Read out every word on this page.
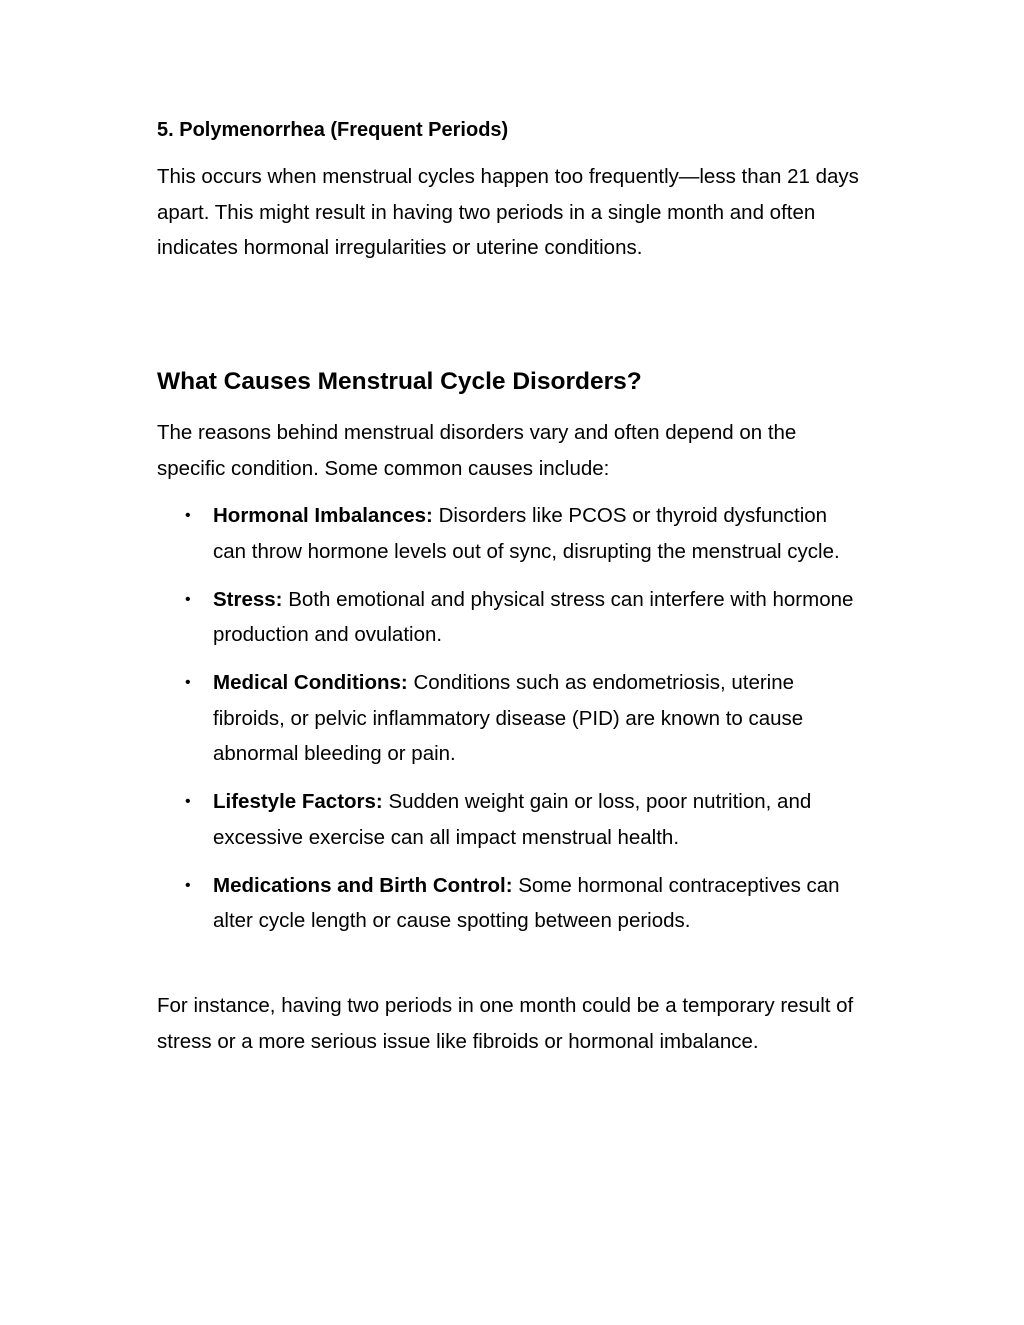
5. Polymenorrhea (Frequent Periods)

This occurs when menstrual cycles happen too frequently—less than 21 days apart. This might result in having two periods in a single month and often indicates hormonal irregularities or uterine conditions.

What Causes Menstrual Cycle Disorders?

The reasons behind menstrual disorders vary and often depend on the specific condition. Some common causes include:

• Hormonal Imbalances: Disorders like PCOS or thyroid dysfunction can throw hormone levels out of sync, disrupting the menstrual cycle.
• Stress: Both emotional and physical stress can interfere with hormone production and ovulation.
• Medical Conditions: Conditions such as endometriosis, uterine fibroids, or pelvic inflammatory disease (PID) are known to cause abnormal bleeding or pain.
• Lifestyle Factors: Sudden weight gain or loss, poor nutrition, and excessive exercise can all impact menstrual health.
• Medications and Birth Control: Some hormonal contraceptives can alter cycle length or cause spotting between periods.

For instance, having two periods in one month could be a temporary result of stress or a more serious issue like fibroids or hormonal imbalance.
